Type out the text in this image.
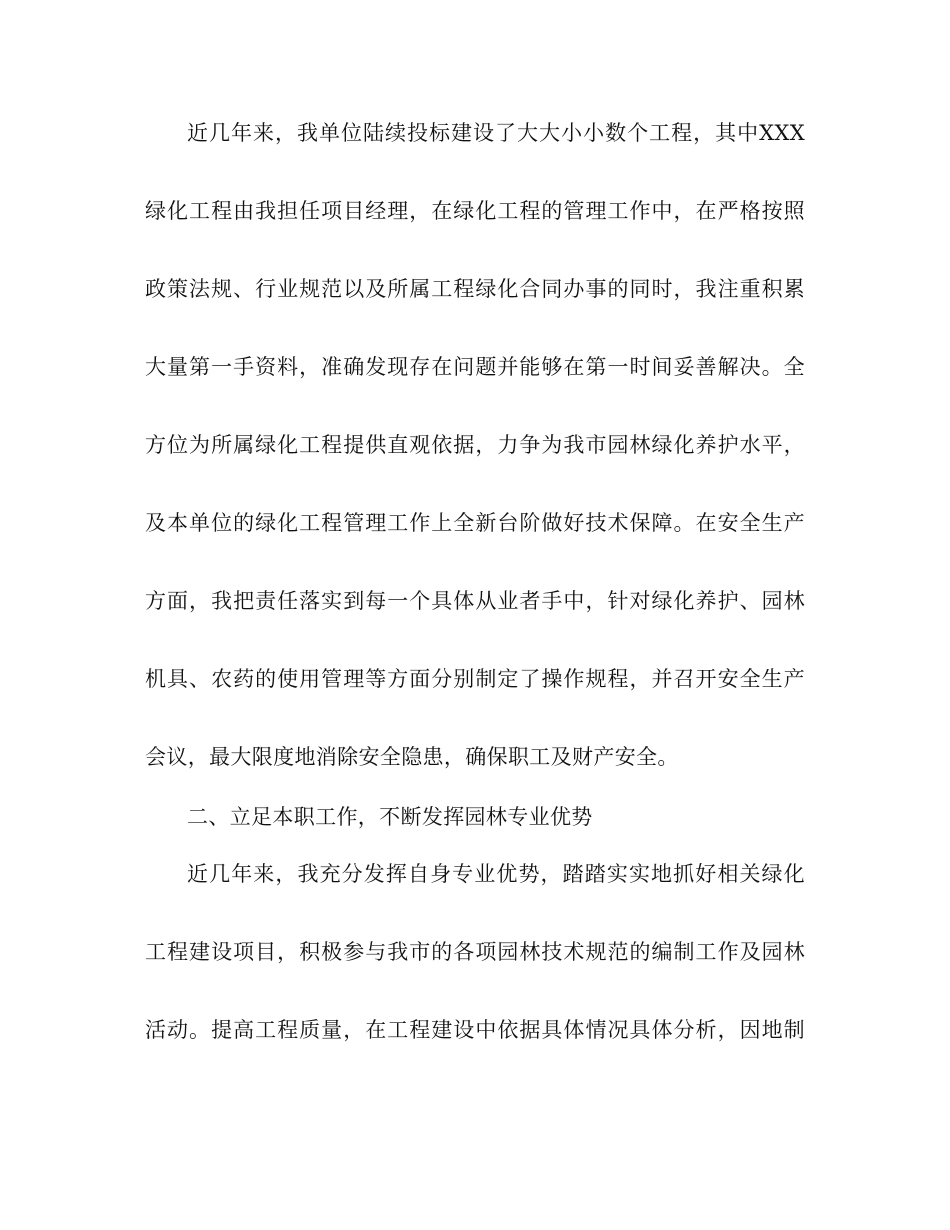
近几年来，我单位陆续投标建设了大大小小数个工程，其中XXX
绿化工程由我担任项目经理，在绿化工程的管理工作中，在严格按照
政策法规、行业规范以及所属工程绿化合同办事的同时，我注重积累
大量第一手资料，准确发现存在问题并能够在第一时间妥善解决。全
方位为所属绿化工程提供直观依据，力争为我市园林绿化养护水平，
及本单位的绿化工程管理工作上全新台阶做好技术保障。在安全生产
方面，我把责任落实到每一个具体从业者手中，针对绿化养护、园林
机具、农药的使用管理等方面分别制定了操作规程，并召开安全生产
会议，最大限度地消除安全隐患，确保职工及财产安全。
二、立足本职工作，不断发挥园林专业优势
近几年来，我充分发挥自身专业优势，踏踏实实地抓好相关绿化
工程建设项目，积极参与我市的各项园林技术规范的编制工作及园林
活动。提高工程质量，在工程建设中依据具体情况具体分析，因地制
